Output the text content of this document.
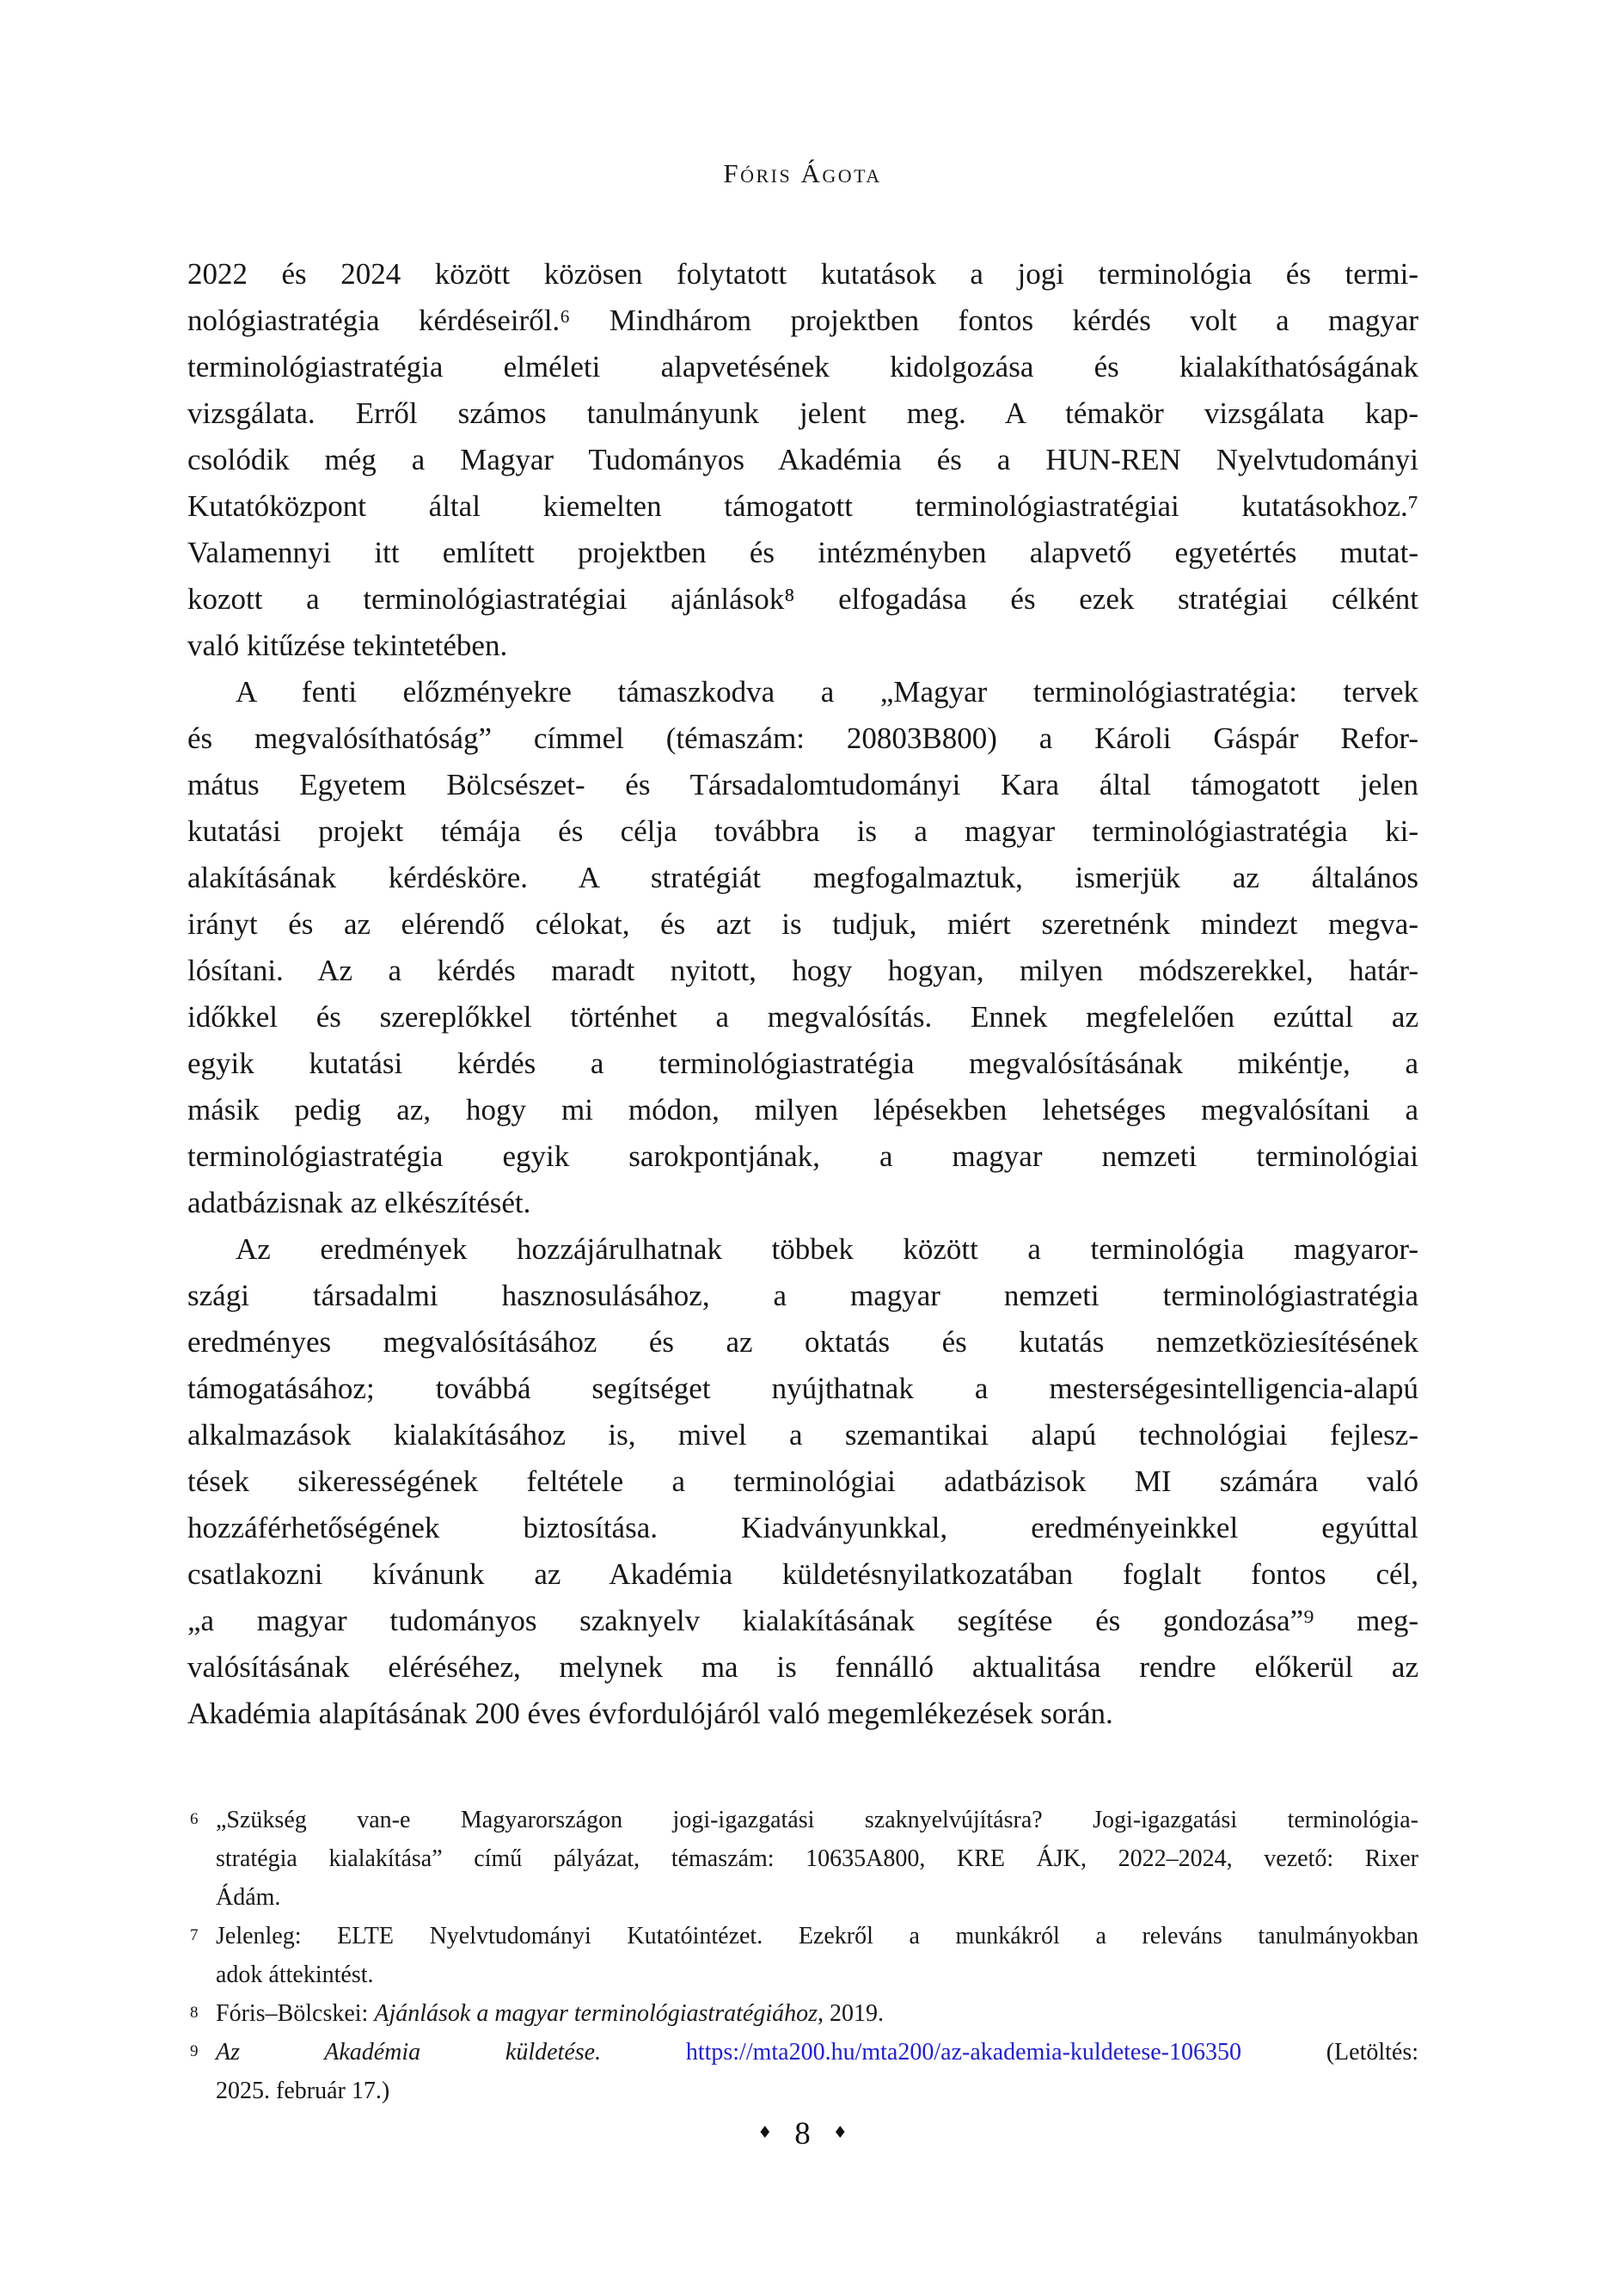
Fóris Ágota
2022 és 2024 között közösen folytatott kutatások a jogi terminológia és termi-
nológiastratégia kérdéseiről.⁶ Mindhárom projektben fontos kérdés volt a magyar
terminológiastratégia elméleti alapvetésének kidolgozása és kialakíthatóságának
vizsgálata. Erről számos tanulmányunk jelent meg. A témakör vizsgálata kap-
csolódik még a Magyar Tudományos Akadémia és a HUN-REN Nyelvtudományi
Kutatóközpont által kiemelten támogatott terminológiastratégiai kutatásokhoz.⁷
Valamennyi itt említett projektben és intézményben alapvető egyetértés mutat-
kozott a terminológiastratégiai ajánlások⁸ elfogadása és ezek stratégiai célként
való kitűzése tekintetében.
A fenti előzményekre támaszkodva a „Magyar terminológiastratégia: tervek
és megvalósíthatóság” címmel (témaszám: 20803B800) a Károli Gáspár Refor-
mátus Egyetem Bölcsészet- és Társadalomtudományi Kara által támogatott jelen
kutatási projekt témája és célja továbbra is a magyar terminológiastratégia ki-
alakításának kérdésköre. A stratégiát megfogalmaztuk, ismerjük az általános
irányt és az elérendő célokat, és azt is tudjuk, miért szeretnénk mindezt megva-
lósítani. Az a kérdés maradt nyitott, hogy hogyan, milyen módszerekkel, határ-
időkkel és szereplőkkel történhet a megvalósítás. Ennek megfelelően ezúttal az
egyik kutatási kérdés a terminológiastratégia megvalósításának mikéntje, a
másik pedig az, hogy mi módon, milyen lépésekben lehetséges megvalósítani a
terminológiastratégia egyik sarokpontjának, a magyar nemzeti terminológiai
adatbázisnak az elkészítését.
Az eredmények hozzájárulhatnak többek között a terminológia magyaror-
szági társadalmi hasznosulásához, a magyar nemzeti terminológiastratégia
eredményes megvalósításához és az oktatás és kutatás nemzetköziesítésének
támogatásához; továbbá segítséget nyújthatnak a mesterségesintelligencia-alapú
alkalmazások kialakításához is, mivel a szemantikai alapú technológiai fejlesz-
tések sikerességének feltétele a terminológiai adatbázisok MI számára való
hozzáférhetőségének biztosítása. Kiadványunkkal, eredményeinkkel egyúttal
csatlakozni kívánunk az Akadémia küldetésnyilatkozatában foglalt fontos cél,
„a magyar tudományos szaknyelv kialakításának segítése és gondozása”⁹ meg-
valósításának eléréséhez, melynek ma is fennálló aktualitása rendre előkerül az
Akadémia alapításának 200 éves évfordulójáról való megemlékezések során.
6 „Szükség van-e Magyarországon jogi-igazgatási szaknyelvújításra? Jogi-igazgatási terminológia-
stratégia kialakítása” című pályázat, témaszám: 10635A800, KRE ÁJK, 2022–2024, vezető: Rixer
Ádám.
7 Jelenleg: ELTE Nyelvtudományi Kutatóintézet. Ezekről a munkákról a releváns tanulmányokban
adok áttekintést.
8 Fóris–Bölcskei: Ajánlások a magyar terminológiastratégiához, 2019.
9 Az Akadémia küldetése.	https://mta200.hu/mta200/az-akademia-kuldetese-106350 (Letöltés:
2025. február 17.)
♦ 8 ♦
